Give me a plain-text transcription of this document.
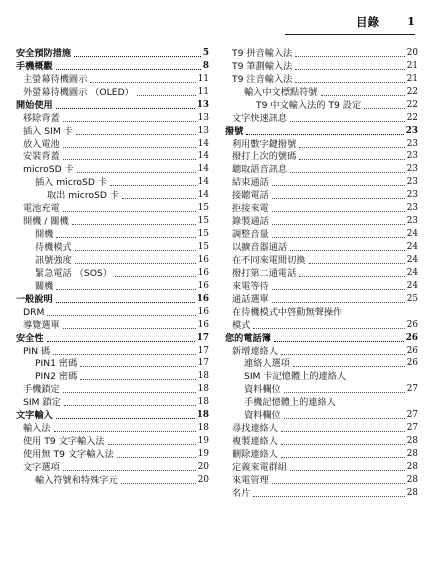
目錄 1
安全預防措施	5
手機概觀	8
主螢幕待機圖示	11
外螢幕待機圖示 （OLED）	11
開始使用	13
移除背蓋	13
插入 SIM 卡	13
放入電池	14
安裝背蓋	14
microSD 卡	14
插入 microSD 卡	14
取出 microSD 卡	14
電池充電	15
開機 / 關機	15
開機	15
待機模式	15
訊號強度	16
緊急電話 （SOS）	16
關機	16
一般說明	16
DRM	16
導覽選單	16
安全性	17
PIN 碼	17
PIN1 密碼	17
PIN2 密碼	18
手機鎖定	18
SIM 鎖定	18
文字輸入	18
輸入法	18
使用 T9 文字輸入法	19
使用無 T9 文字輸入法	19
文字選項	20
輸入符號和特殊字元	20
T9 拼音輸入法	20
T9 筆劃輸入法	21
T9 注音輸入法	21
輸入中文標點符號	22
T9 中文輸入法的 T9 設定	22
文字快速訊息	22
撥號	23
利用數字鍵撥號	23
撥打上次的號碼	23
聽取語音訊息	23
結束通話	23
接聽電話	23
拒接來電	23
錄製通話	23
調整音量	24
以擴音器通話	24
在不同來電間切換	24
撥打第二通電話	24
來電等待	24
通話選單	25
在待機模式中啓動無聲操作
模式	26
您的電話簿	26
新增連絡人	26
連絡人選項	26
SIM 卡記憶體上的連絡人
資料欄位	27
手機記憶體上的連絡人
資料欄位	27
尋找連絡人	27
複製連絡人	28
刪除連絡人	28
定義來電群組	28
來電管理	28
名片	28
